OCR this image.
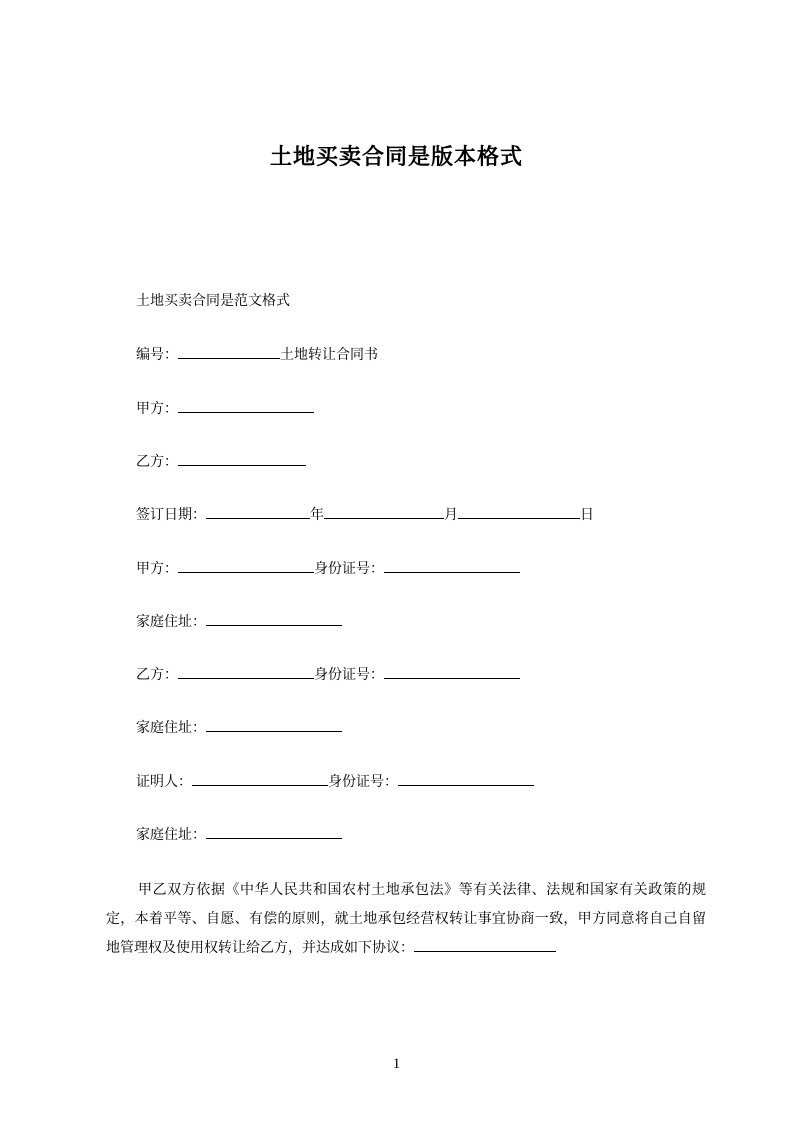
土地买卖合同是版本格式
土地买卖合同是范文格式
编号：	土地转让合同书
甲方：
乙方：
签订日期：	年	月	日
甲方：	身份证号：
家庭住址：
乙方：	身份证号：
家庭住址：
证明人：	身份证号：
家庭住址：
甲乙双方依据《中华人民共和国农村土地承包法》等有关法律、法规和国家有关政策的规定，本着平等、自愿、有偿的原则，就土地承包经营权转让事宜协商一致，甲方同意将自己自留地管理权及使用权转让给乙方，并达成如下协议：
1
